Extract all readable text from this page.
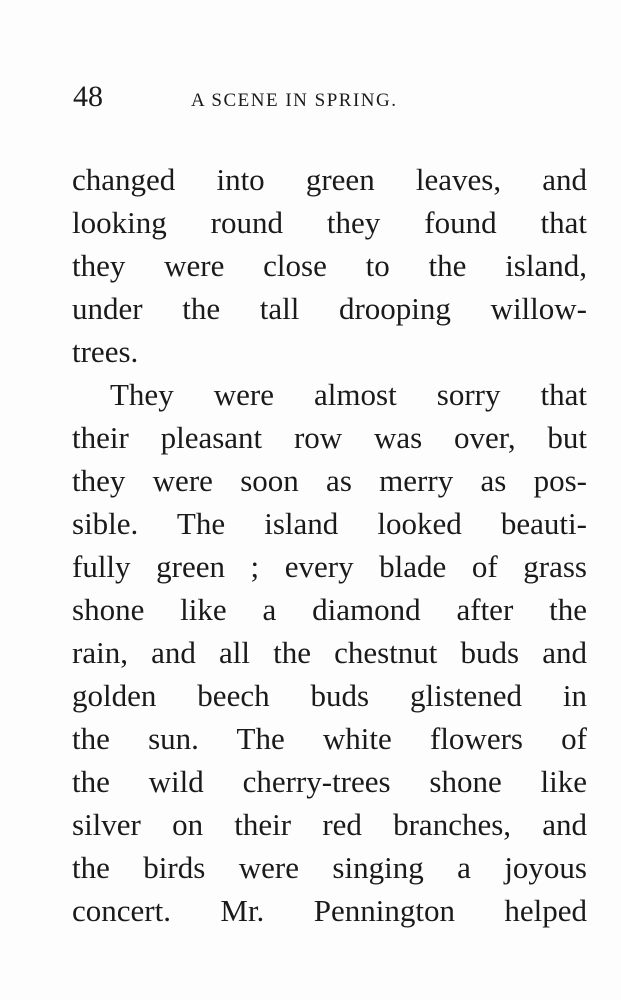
48	A SCENE IN SPRING.
changed into green leaves, and
looking round they found that
they were close to the island,
under the tall drooping willow-
trees.
They were almost sorry that
their pleasant row was over, but
they were soon as merry as pos-
sible. The island looked beauti-
fully green ; every blade of grass
shone like a diamond after the
rain, and all the chestnut buds and
golden beech buds glistened in
the sun. The white flowers of
the wild cherry-trees shone like
silver on their red branches, and
the birds were singing a joyous
concert. Mr. Pennington helped
